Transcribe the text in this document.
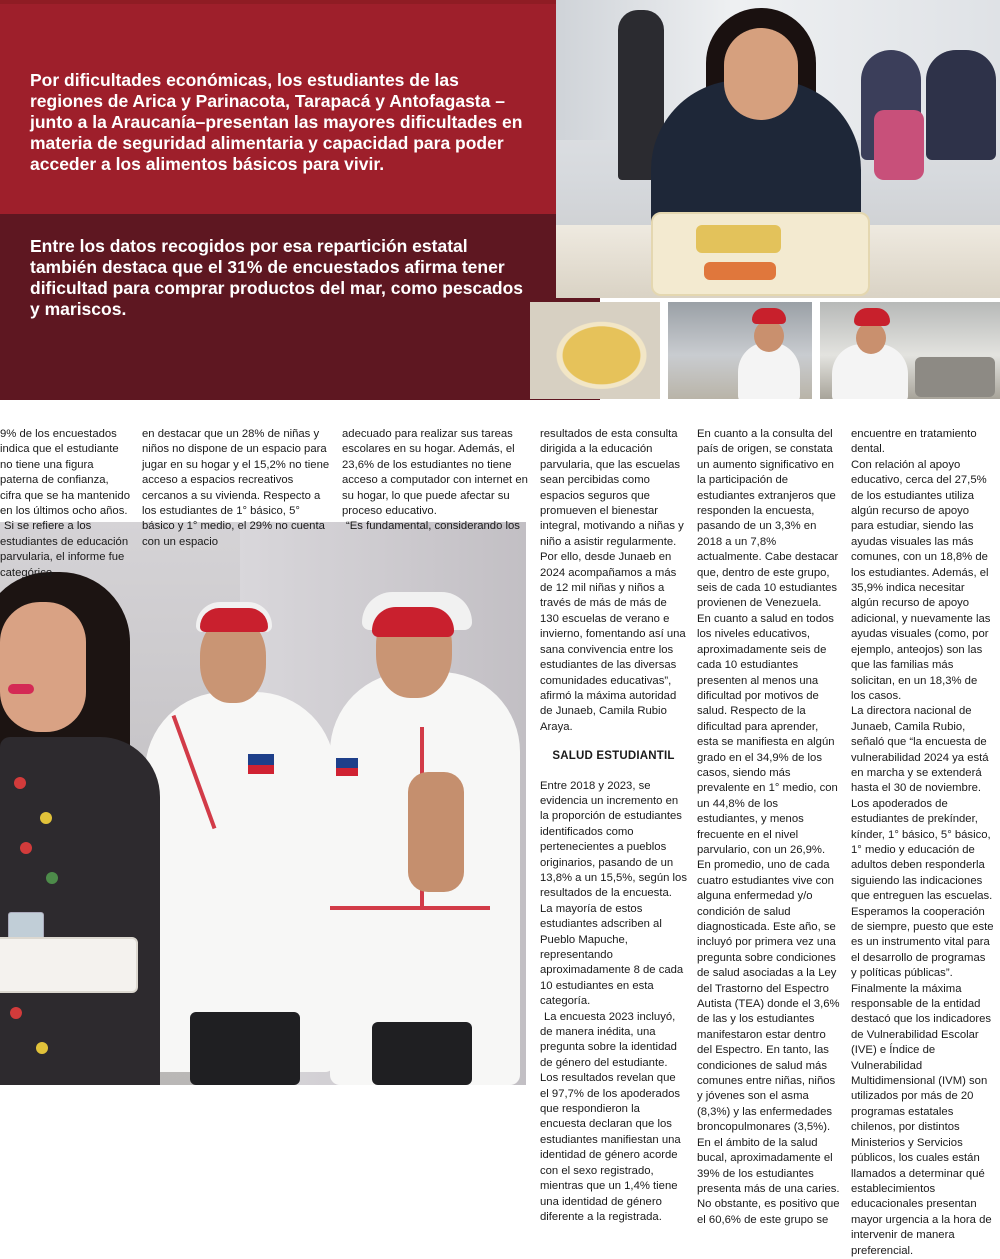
Por dificultades económicas, los estudiantes de las regiones de Arica y Parinacota, Tarapacá y Antofagasta –junto a la Araucanía–presentan las mayores dificultades en materia de seguridad alimentaria y capacidad para poder acceder a los alimentos básicos para vivir.

Entre los datos recogidos por esa repartición estatal también destaca que el 31% de encuestados afirma tener dificultad para comprar productos del mar, como pescados y mariscos.

9% de los encuestados indica que el estudiante no tiene una figura paterna de confianza, cifra que se ha mantenido en los últimos ocho años.

Si se refiere a los estudiantes de educación parvularia, el informe fue categórico

en destacar que un 28% de niñas y niños no dispone de un espacio para jugar en su hogar y el 15,2% no tiene acceso a espacios recreativos cercanos a su vivienda. Respecto a los estudiantes de 1° básico, 5° básico y 1° medio, el 29% no cuenta con un espacio

adecuado para realizar sus tareas escolares en su hogar. Además, el 23,6% de los estudiantes no tiene acceso a computador con internet en su hogar, lo que puede afectar su proceso educativo.

“Es fundamental, considerando los

resultados de esta consulta dirigida a la educación parvularia, que las escuelas sean percibidas como espacios seguros que promueven el bienestar integral, motivando a niñas y niño a asistir regularmente. Por ello, desde Junaeb en 2024 acompañamos a más de 12 mil niñas y niños a través de más de más de 130 escuelas de verano e invierno, fomentando así una sana convivencia entre los estudiantes de las diversas comunidades educativas”, afirmó la máxima autoridad de Junaeb, Camila Rubio Araya.

SALUD ESTUDIANTIL

Entre 2018 y 2023, se evidencia un incremento en la proporción de estudiantes identificados como pertenecientes a pueblos originarios, pasando de un 13,8% a un 15,5%, según los resultados de la encuesta. La mayoría de estos estudiantes adscriben al Pueblo Mapuche, representando aproximadamente 8 de cada 10 estudiantes en esta categoría.

La encuesta 2023 incluyó, de manera inédita, una pregunta sobre la identidad de género del estudiante. Los resultados revelan que el 97,7% de los apoderados que respondieron la encuesta declaran que los estudiantes manifiestan una identidad de género acorde con el sexo registrado, mientras que un 1,4% tiene una identidad de género diferente a la registrada.

En cuanto a la consulta del país de origen, se constata un aumento significativo en la participación de estudiantes extranjeros que responden la encuesta, pasando de un 3,3% en 2018 a un 7,8% actualmente. Cabe destacar que, dentro de este grupo, seis de cada 10 estudiantes provienen de Venezuela.

En cuanto a salud en todos los niveles educativos, aproximadamente seis de cada 10 estudiantes presenten al menos una dificultad por motivos de salud. Respecto de la dificultad para aprender, esta se manifiesta en algún grado en el 34,9% de los casos, siendo más prevalente en 1° medio, con un 44,8% de los estudiantes, y menos frecuente en el nivel parvulario, con un 26,9%.

En promedio, uno de cada cuatro estudiantes vive con alguna enfermedad y/o condición de salud diagnosticada. Este año, se incluyó por primera vez una pregunta sobre condiciones de salud asociadas a la Ley del Trastorno del Espectro Autista (TEA) donde el 3,6% de las y los estudiantes manifestaron estar dentro del Espectro. En tanto, las condiciones de salud más comunes entre niñas, niños y jóvenes son el asma (8,3%) y las enfermedades broncopulmonares (3,5%).

En el ámbito de la salud bucal, aproximadamente el 39% de los estudiantes presenta más de una caries. No obstante, es positivo que el 60,6% de este grupo se

encuentre en tratamiento dental.

Con relación al apoyo educativo, cerca del 27,5% de los estudiantes utiliza algún recurso de apoyo para estudiar, siendo las ayudas visuales las más comunes, con un 18,8% de los estudiantes. Además, el 35,9% indica necesitar algún recurso de apoyo adicional, y nuevamente las ayudas visuales (como, por ejemplo, anteojos) son las que las familias más solicitan, en un 18,3% de los casos.

La directora nacional de Junaeb, Camila Rubio, señaló que “la encuesta de vulnerabilidad 2024 ya está en marcha y se extenderá hasta el 30 de noviembre. Los apoderados de estudiantes de prekínder, kínder, 1° básico, 5° básico, 1° medio y educación de adultos deben responderla siguiendo las indicaciones que entreguen las escuelas. Esperamos la cooperación de siempre, puesto que este es un instrumento vital para el desarrollo de programas y políticas públicas”.

Finalmente la máxima responsable de la entidad destacó que los indicadores de Vulnerabilidad Escolar (IVE) e Índice de Vulnerabilidad Multidimensional (IVM) son utilizados por más de 20 programas estatales chilenos, por distintos Ministerios y Servicios públicos, los cuales están llamados a determinar qué establecimientos educacionales presentan mayor urgencia a la hora de intervenir de manera preferencial.
